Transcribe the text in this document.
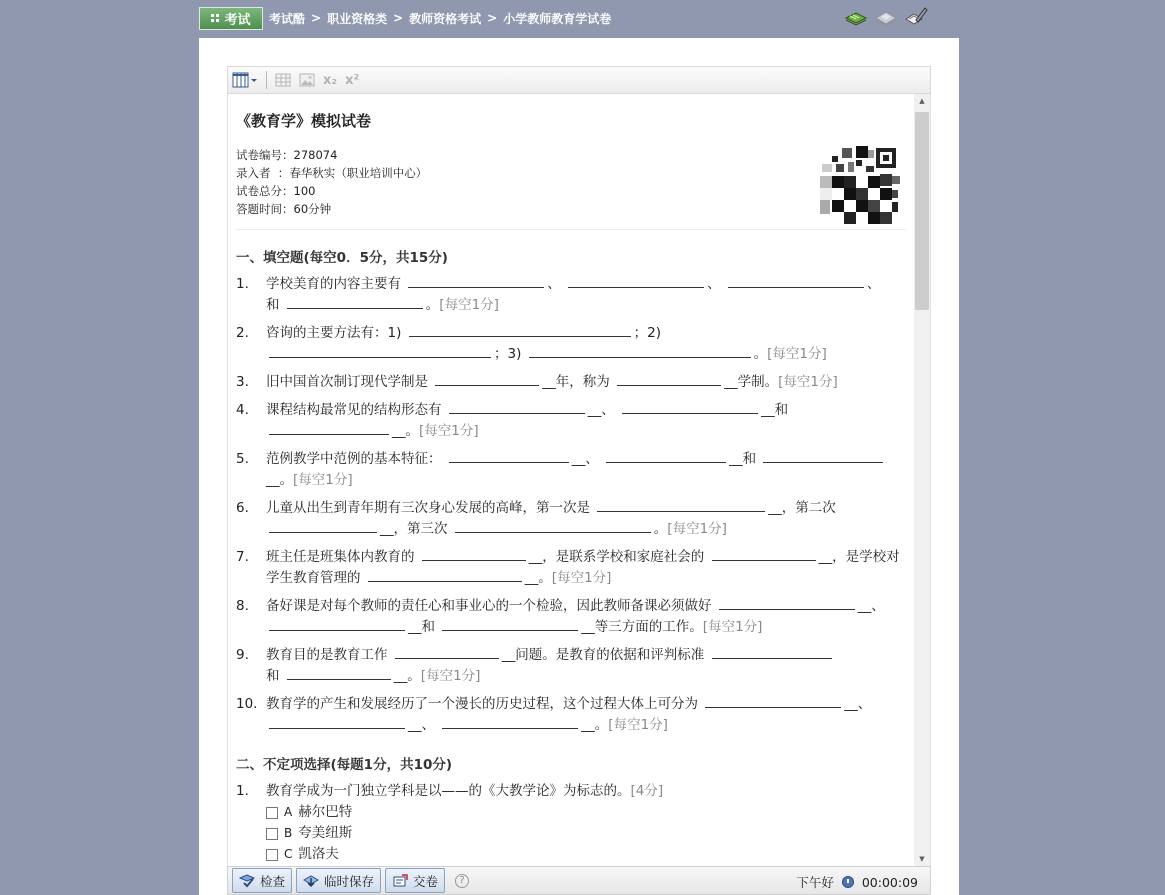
考试 考试酷 > 职业资格类 > 教师资格考试 > 小学教师教育学试卷
x₂ x²
《教育学》模拟试卷
试卷编号：278074
录入者  ：春华秋实（职业培训中心）
试卷总分：100
答题时间：60分钟
一、填空题(每空0．5分，共15分)
1.	学校美育的内容主要有	、	、	、
和	。[每空1分]
2.	咨询的主要方法有：1)	；2)
；3)	。[每空1分]
3.	旧中国首次制订现代学制是	__年，称为	__学制。[每空1分]
4.	课程结构最常见的结构形态有	__、	__和
__。[每空1分]
5.	范例教学中范例的基本特征：	__、	__和
__。[每空1分]
6.	儿童从出生到青年期有三次身心发展的高峰，第一次是	__，第二次
__，第三次	。[每空1分]
7.	班主任是班集体内教育的	__，是联系学校和家庭社会的	__，是学校对学生教育管理的	__。[每空1分]
8.	备好课是对每个教师的责任心和事业心的一个检验，因此教师备课必须做好	__、
__和	__等三方面的工作。[每空1分]
9.	教育目的是教育工作	__问题。是教育的依据和评判标准
和	__。[每空1分]
10. 教育学的产生和发展经历了一个漫长的历史过程，这个过程大体上可分为	__、
__、	__。[每空1分]
二、不定项选择(每题1分，共10分)
1.	教育学成为一门独立学科是以——的《大教学论》为标志的。[4分]
A 赫尔巴特
B 夸美纽斯
C 凯洛夫
▲
▼
检查	临时保存	交卷	?	下午好 00:00:09
